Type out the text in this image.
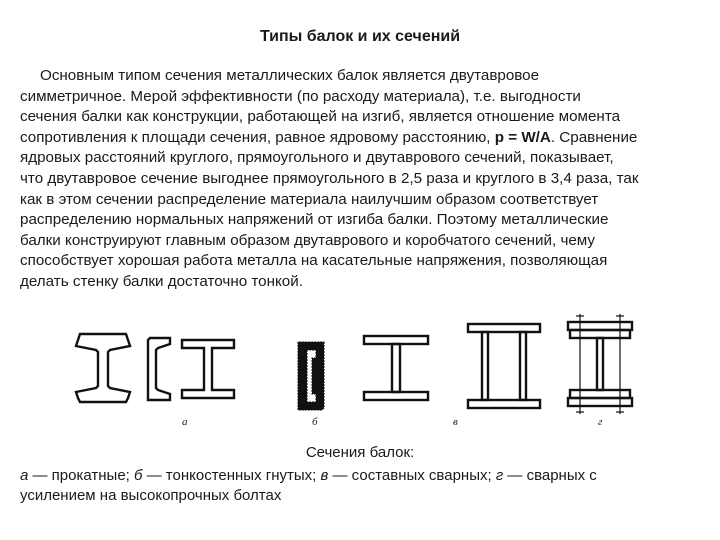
Типы балок и их сечений

Основным типом сечения металлических балок является двутавровое
симметричное. Мерой эффективности (по расходу материала), т.е. выгодности
сечения балки как конструкции, работающей на изгиб, является отношение момента
сопротивления к площади сечения, равное ядровому расстоянию, p = W/A. Сравнение
ядровых расстояний круглого, прямоугольного и двутаврового сечений, показывает,
что двутавровое сечение выгоднее прямоугольного в 2,5 раза и круглого в 3,4 раза, так
как в этом сечении распределение материала наилучшим образом соответствует
распределению нормальных напряжений от изгиба балки. Поэтому металлические
балки конструируют главным образом двутаврового и коробчатого сечений, чему
способствует хорошая работа металла на касательные напряжения, позволяющая
делать стенку балки достаточно тонкой.

а	б	в	г
Сечения балок:

а — прокатные; б — тонкостенных гнутых; в — составных сварных; г — сварных с
усилением на высокопрочных болтах
